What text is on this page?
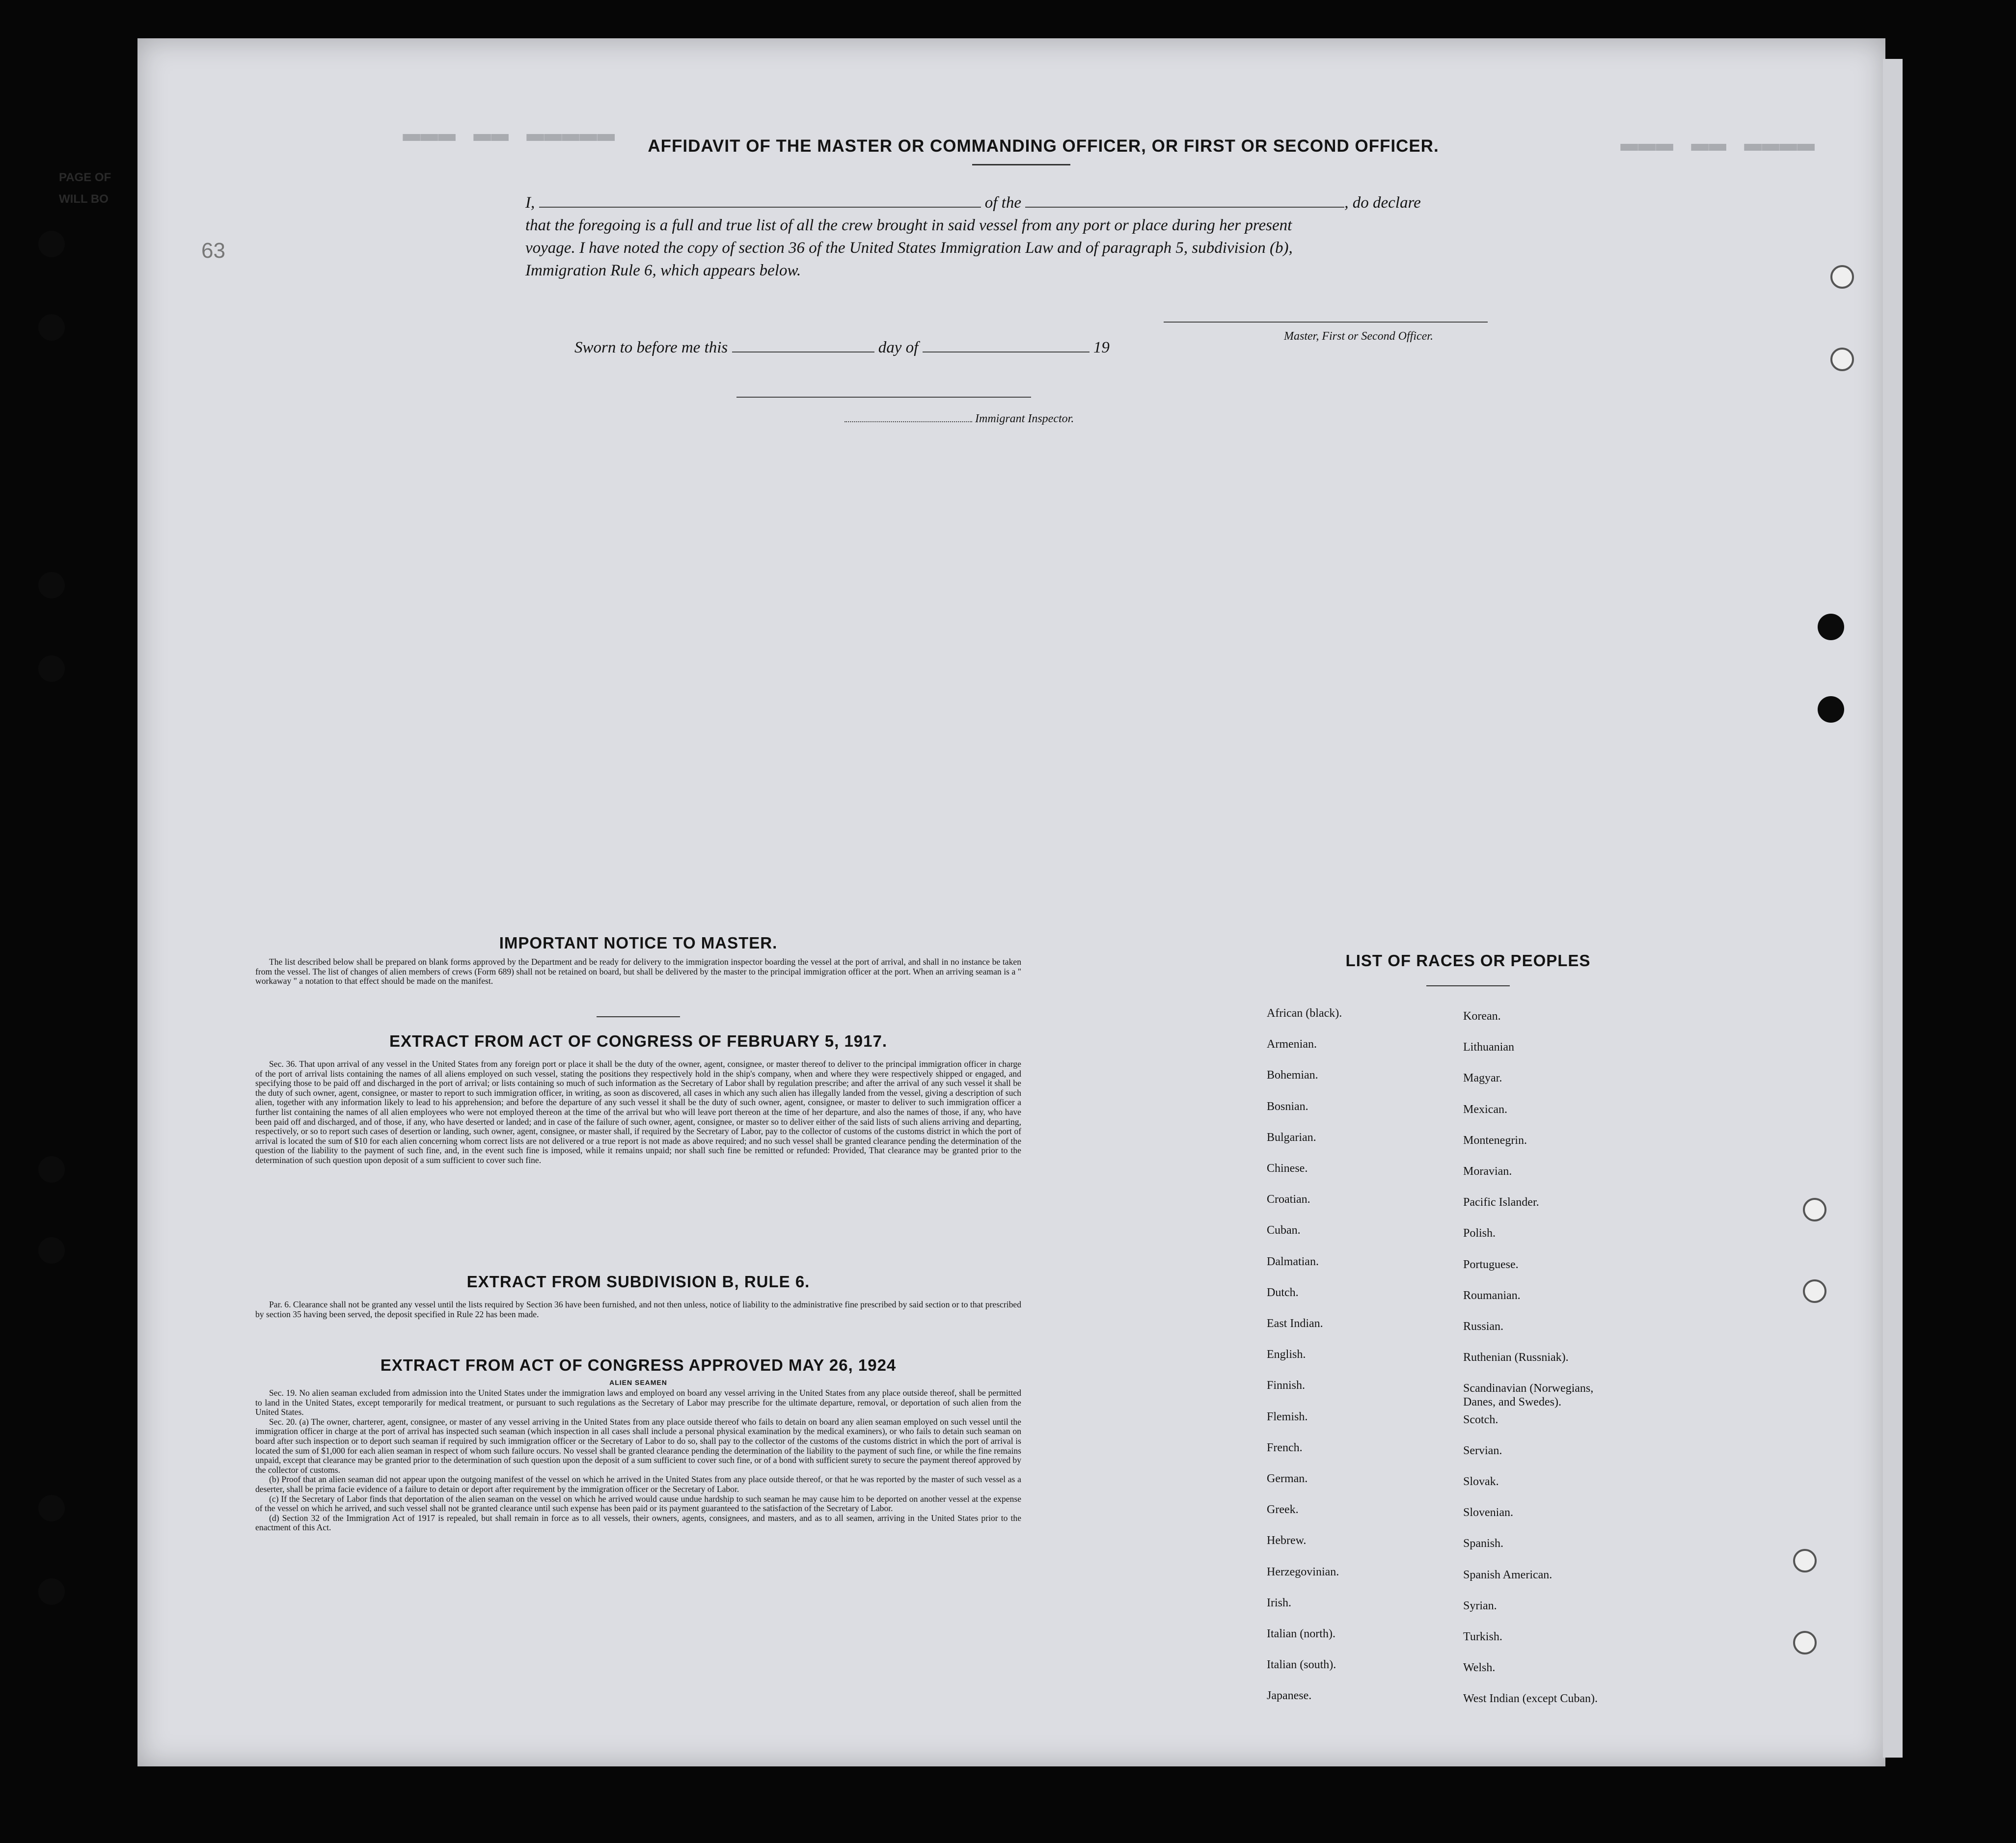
▬▬▬ ▬▬ ▬▬▬▬▬	▬▬▬ ▬▬ ▬▬▬▬
PAGE OF
WILL BO
63
AFFIDAVIT OF THE MASTER OR COMMANDING OFFICER, OR FIRST OR SECOND OFFICER.
I,	of the	, do declare
that the foregoing is a full and true list of all the crew brought in said vessel from any port or place during her present
voyage. I have noted the copy of section 36 of the United States Immigration Law and of paragraph 5, subdivision (b),
Immigration Rule 6, which appears below.
Master, First or Second Officer.
Sworn to before me this	day of	19
Immigrant Inspector.
IMPORTANT NOTICE TO MASTER.
The list described below shall be prepared on blank forms approved by the Department and be ready for delivery to the immigration inspector boarding the vessel at the port of arrival, and shall in no instance be taken from the vessel. The list of changes of alien members of crews (Form 689) shall not be retained on board, but shall be delivered by the master to the principal immigration officer at the port. When an arriving seaman is a " workaway " a notation to that effect should be made on the manifest.
EXTRACT FROM ACT OF CONGRESS OF FEBRUARY 5, 1917.
Sec. 36. That upon arrival of any vessel in the United States from any foreign port or place it shall be the duty of the owner, agent, consignee, or master thereof to deliver to the principal immigration officer in charge of the port of arrival lists containing the names of all aliens employed on such vessel, stating the positions they respectively hold in the ship's company, when and where they were respectively shipped or engaged, and specifying those to be paid off and discharged in the port of arrival; or lists containing so much of such information as the Secretary of Labor shall by regulation prescribe; and after the arrival of any such vessel it shall be the duty of such owner, agent, consignee, or master to report to such immigration officer, in writing, as soon as discovered, all cases in which any such alien has illegally landed from the vessel, giving a description of such alien, together with any information likely to lead to his apprehension; and before the departure of any such vessel it shall be the duty of such owner, agent, consignee, or master to deliver to such immigration officer a further list containing the names of all alien employees who were not employed thereon at the time of the arrival but who will leave port thereon at the time of her departure, and also the names of those, if any, who have been paid off and discharged, and of those, if any, who have deserted or landed; and in case of the failure of such owner, agent, consignee, or master so to deliver either of the said lists of such aliens arriving and departing, respectively, or so to report such cases of desertion or landing, such owner, agent, consignee, or master shall, if required by the Secretary of Labor, pay to the collector of customs of the customs district in which the port of arrival is located the sum of $10 for each alien concerning whom correct lists are not delivered or a true report is not made as above required; and no such vessel shall be granted clearance pending the determination of the question of the liability to the payment of such fine, and, in the event such fine is imposed, while it remains unpaid; nor shall such fine be remitted or refunded: Provided, That clearance may be granted prior to the determination of such question upon deposit of a sum sufficient to cover such fine.
EXTRACT FROM SUBDIVISION B, RULE 6.
Par. 6. Clearance shall not be granted any vessel until the lists required by Section 36 have been furnished, and not then unless, notice of liability to the administrative fine prescribed by said section or to that prescribed by section 35 having been served, the deposit specified in Rule 22 has been made.
EXTRACT FROM ACT OF CONGRESS APPROVED MAY 26, 1924
ALIEN SEAMEN
Sec. 19. No alien seaman excluded from admission into the United States under the immigration laws and employed on board any vessel arriving in the United States from any place outside thereof, shall be permitted to land in the United States, except temporarily for medical treatment, or pursuant to such regulations as the Secretary of Labor may prescribe for the ultimate departure, removal, or deportation of such alien from the United States.
Sec. 20. (a) The owner, charterer, agent, consignee, or master of any vessel arriving in the United States from any place outside thereof who fails to detain on board any alien seaman employed on such vessel until the immigration officer in charge at the port of arrival has inspected such seaman (which inspection in all cases shall include a personal physical examination by the medical examiners), or who fails to detain such seaman on board after such inspection or to deport such seaman if required by such immigration officer or the Secretary of Labor to do so, shall pay to the collector of the customs of the customs district in which the port of arrival is located the sum of $1,000 for each alien seaman in respect of whom such failure occurs. No vessel shall be granted clearance pending the determination of the liability to the payment of such fine, or while the fine remains unpaid, except that clearance may be granted prior to the determination of such question upon the deposit of a sum sufficient to cover such fine, or of a bond with sufficient surety to secure the payment thereof approved by the collector of customs.
(b) Proof that an alien seaman did not appear upon the outgoing manifest of the vessel on which he arrived in the United States from any place outside thereof, or that he was reported by the master of such vessel as a deserter, shall be prima facie evidence of a failure to detain or deport after requirement by the immigration officer or the Secretary of Labor.
(c) If the Secretary of Labor finds that deportation of the alien seaman on the vessel on which he arrived would cause undue hardship to such seaman he may cause him to be deported on another vessel at the expense of the vessel on which he arrived, and such vessel shall not be granted clearance until such expense has been paid or its payment guaranteed to the satisfaction of the Secretary of Labor.
(d) Section 32 of the Immigration Act of 1917 is repealed, but shall remain in force as to all vessels, their owners, agents, consignees, and masters, and as to all seamen, arriving in the United States prior to the enactment of this Act.
LIST OF RACES OR PEOPLES
African (black).
Armenian.
Bohemian.
Bosnian.
Bulgarian.
Chinese.
Croatian.
Cuban.
Dalmatian.
Dutch.
East Indian.
English.
Finnish.
Flemish.
French.
German.
Greek.
Hebrew.
Herzegovinian.
Irish.
Italian (north).
Italian (south).
Japanese.
Korean.
Lithuanian
Magyar.
Mexican.
Montenegrin.
Moravian.
Pacific Islander.
Polish.
Portuguese.
Roumanian.
Russian.
Ruthenian (Russniak).
Scandinavian (Norwegians,
Danes, and Swedes).
Scotch.
Servian.
Slovak.
Slovenian.
Spanish.
Spanish American.
Syrian.
Turkish.
Welsh.
West Indian (except Cuban).
